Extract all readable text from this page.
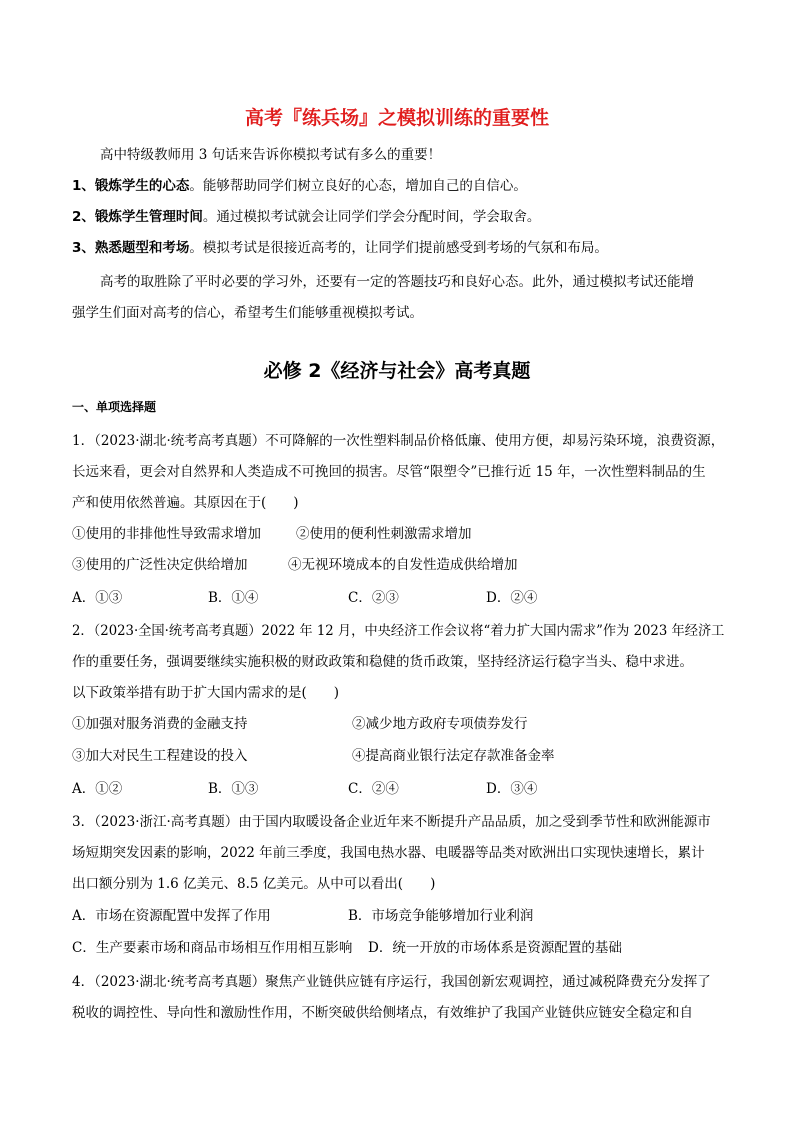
高考『练兵场』之模拟训练的重要性
高中特级教师用 3 句话来告诉你模拟考试有多么的重要！
1、锻炼学生的心态。能够帮助同学们树立良好的心态，增加自己的自信心。
2、锻炼学生管理时间。通过模拟考试就会让同学们学会分配时间，学会取舍。
3、熟悉题型和考场。模拟考试是很接近高考的，让同学们提前感受到考场的气氛和布局。
高考的取胜除了平时必要的学习外，还要有一定的答题技巧和良好心态。此外，通过模拟考试还能增
强学生们面对高考的信心，希望考生们能够重视模拟考试。
必修 2《经济与社会》高考真题
一、单项选择题
1．（2023·湖北·统考高考真题）不可降解的一次性塑料制品价格低廉、使用方便，却易污染环境，浪费资源，
长远来看，更会对自然界和人类造成不可挽回的损害。尽管“限塑令”已推行近 15 年，一次性塑料制品的生
产和使用依然普遍。其原因在于(　　)
①使用的非排他性导致需求增加	②使用的便利性刺激需求增加
③使用的广泛性决定供给增加	④无视环境成本的自发性造成供给增加
A．①③	B．①④	C．②③	D．②④
2．（2023·全国·统考高考真题）2022 年 12 月，中央经济工作会议将“着力扩大国内需求”作为 2023 年经济工
作的重要任务，强调要继续实施积极的财政政策和稳健的货币政策，坚持经济运行稳字当头、稳中求进。
以下政策举措有助于扩大国内需求的是(　　)
①加强对服务消费的金融支持	②减少地方政府专项债券发行
③加大对民生工程建设的投入	④提高商业银行法定存款准备金率
A．①②	B．①③	C．②④	D．③④
3．（2023·浙江·高考真题）由于国内取暖设备企业近年来不断提升产品品质，加之受到季节性和欧洲能源市
场短期突发因素的影响，2022 年前三季度，我国电热水器、电暖器等品类对欧洲出口实现快速增长，累计
出口额分别为 1.6 亿美元、8.5 亿美元。从中可以看出(　　)
A．市场在资源配置中发挥了作用	B．市场竞争能够增加行业利润
C．生产要素市场和商品市场相互作用相互影响 D．统一开放的市场体系是资源配置的基础
4．（2023·湖北·统考高考真题）聚焦产业链供应链有序运行，我国创新宏观调控，通过减税降费充分发挥了
税收的调控性、导向性和激励性作用，不断突破供给侧堵点，有效维护了我国产业链供应链安全稳定和自
